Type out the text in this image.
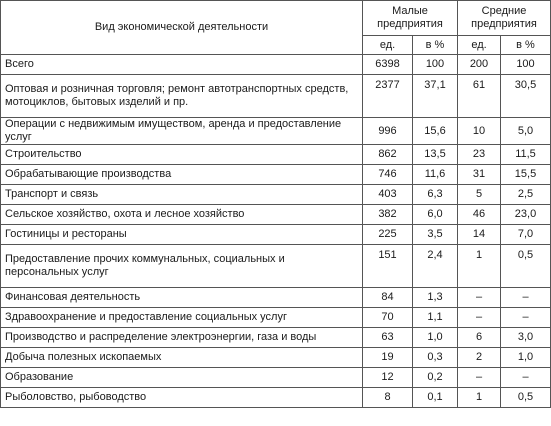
Вид экономической деятельности	Малые предприятия		Средние предприятия	
	ед.	в %	ед.	в %
Всего	6398	100	200	100
Оптовая и розничная торговля; ремонт автотранспортных средств, мотоциклов, бытовых изделий и пр.	2377	37,1	61	30,5
Операции с недвижимым имуществом, аренда и предоставление услуг	996	15,6	10	5,0
Строительство	862	13,5	23	11,5
Обрабатывающие производства	746	11,6	31	15,5
Транспорт и связь	403	6,3	5	2,5
Сельское хозяйство, охота и лесное хозяйство	382	6,0	46	23,0
Гостиницы и рестораны	225	3,5	14	7,0
Предоставление прочих коммунальных, социальных и персональных услуг	151	2,4	1	0,5
Финансовая деятельность	84	1,3	–	–
Здравоохранение и предоставление социальных услуг	70	1,1	–	–
Производство и распределение электроэнергии, газа и воды	63	1,0	6	3,0
Добыча полезных ископаемых	19	0,3	2	1,0
Образование	12	0,2	–	–
Рыболовство, рыбоводство	8	0,1	1	0,5
